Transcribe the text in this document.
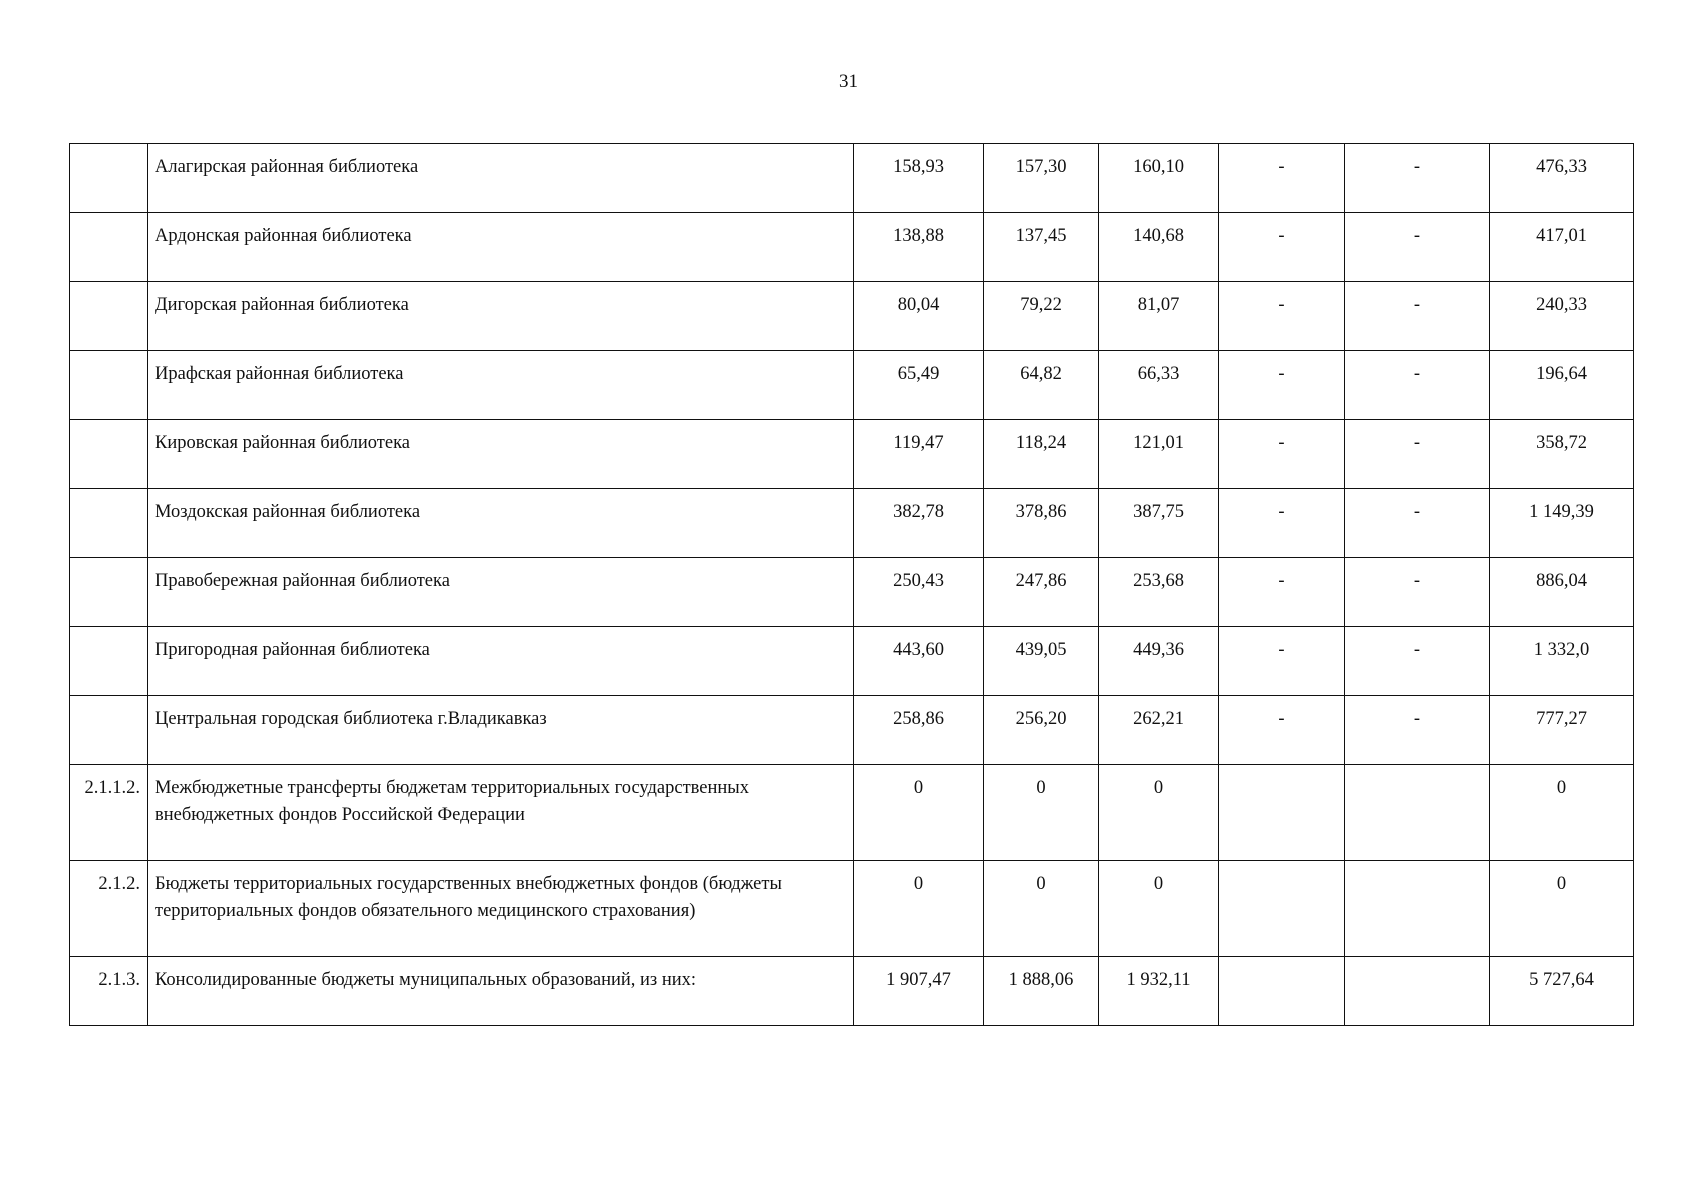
31
	Алагирская районная библиотека	158,93	157,30	160,10	-	-	476,33
	Ардонская районная библиотека	138,88	137,45	140,68	-	-	417,01
	Дигорская районная библиотека	80,04	79,22	81,07	-	-	240,33
	Ирафская районная библиотека	65,49	64,82	66,33	-	-	196,64
	Кировская районная библиотека	119,47	118,24	121,01	-	-	358,72
	Моздокская районная библиотека	382,78	378,86	387,75	-	-	1 149,39
	Правобережная районная библиотека	250,43	247,86	253,68	-	-	886,04
	Пригородная районная библиотека	443,60	439,05	449,36	-	-	1 332,0
	Центральная городская библиотека г.Владикавказ	258,86	256,20	262,21	-	-	777,27
2.1.1.2.	Межбюджетные трансферты бюджетам территориальных государственных внебюджетных фондов Российской Федерации	0	0	0			0
2.1.2.	Бюджеты территориальных государственных внебюджетных фондов (бюджеты территориальных фондов обязательного медицинского страхования)	0	0	0			0
2.1.3.	Консолидированные бюджеты муниципальных образований, из них:	1 907,47	1 888,06	1 932,11			5 727,64
